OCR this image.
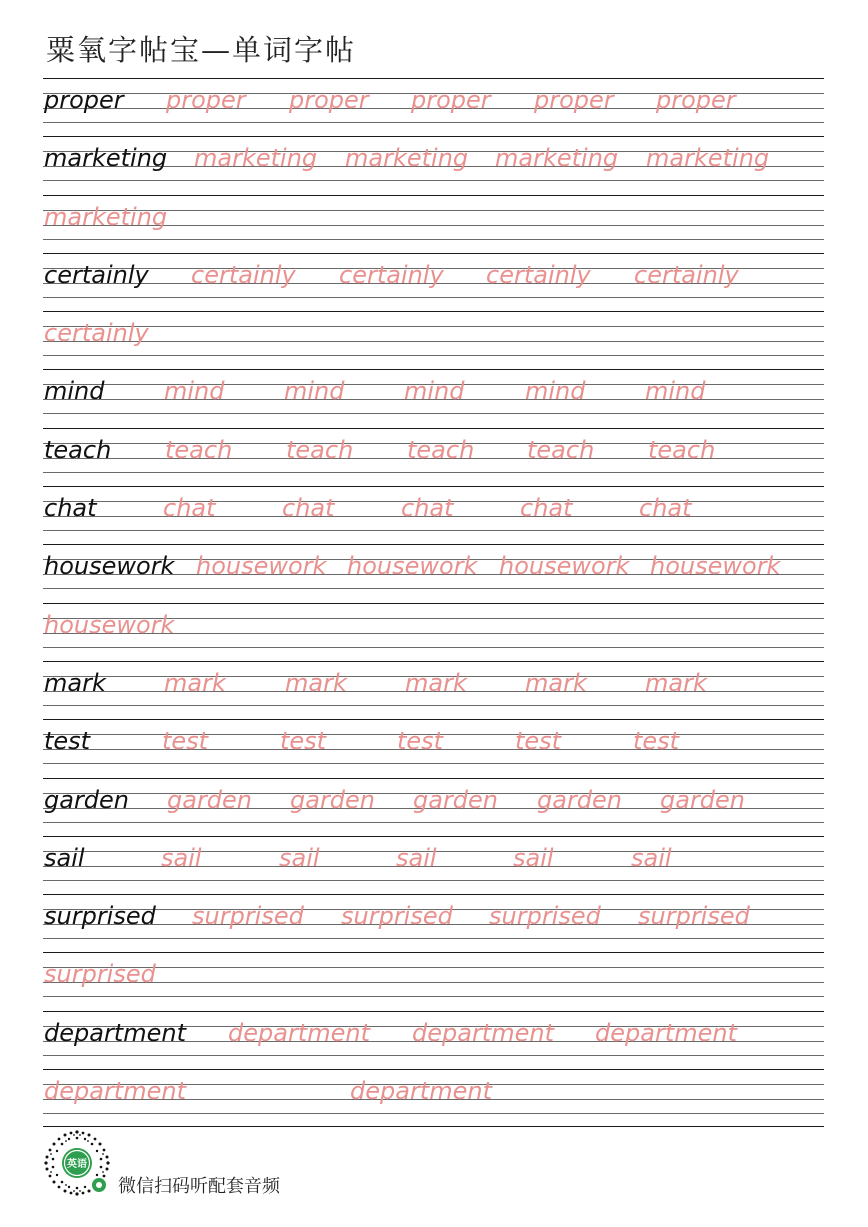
粟氧字帖宝—单词字帖
proper proper proper proper proper proper
marketing marketing marketing marketing marketing
marketing
certainly certainly certainly certainly certainly
certainly
mind mind mind mind	mind mind
teach teach teach teach teach teach
chat	chat	chat	chat	chat	chat
housework housework housework housework housework
housework
mark mark mark mark mark mark
test	test	test	test	test	test
garden garden garden garden garden garden
sail	sail	sail	sail	sail	sail
surprised surprised surprised surprised surprised
surprised
department department department department
department	department
英语
微信扫码听配套音频
